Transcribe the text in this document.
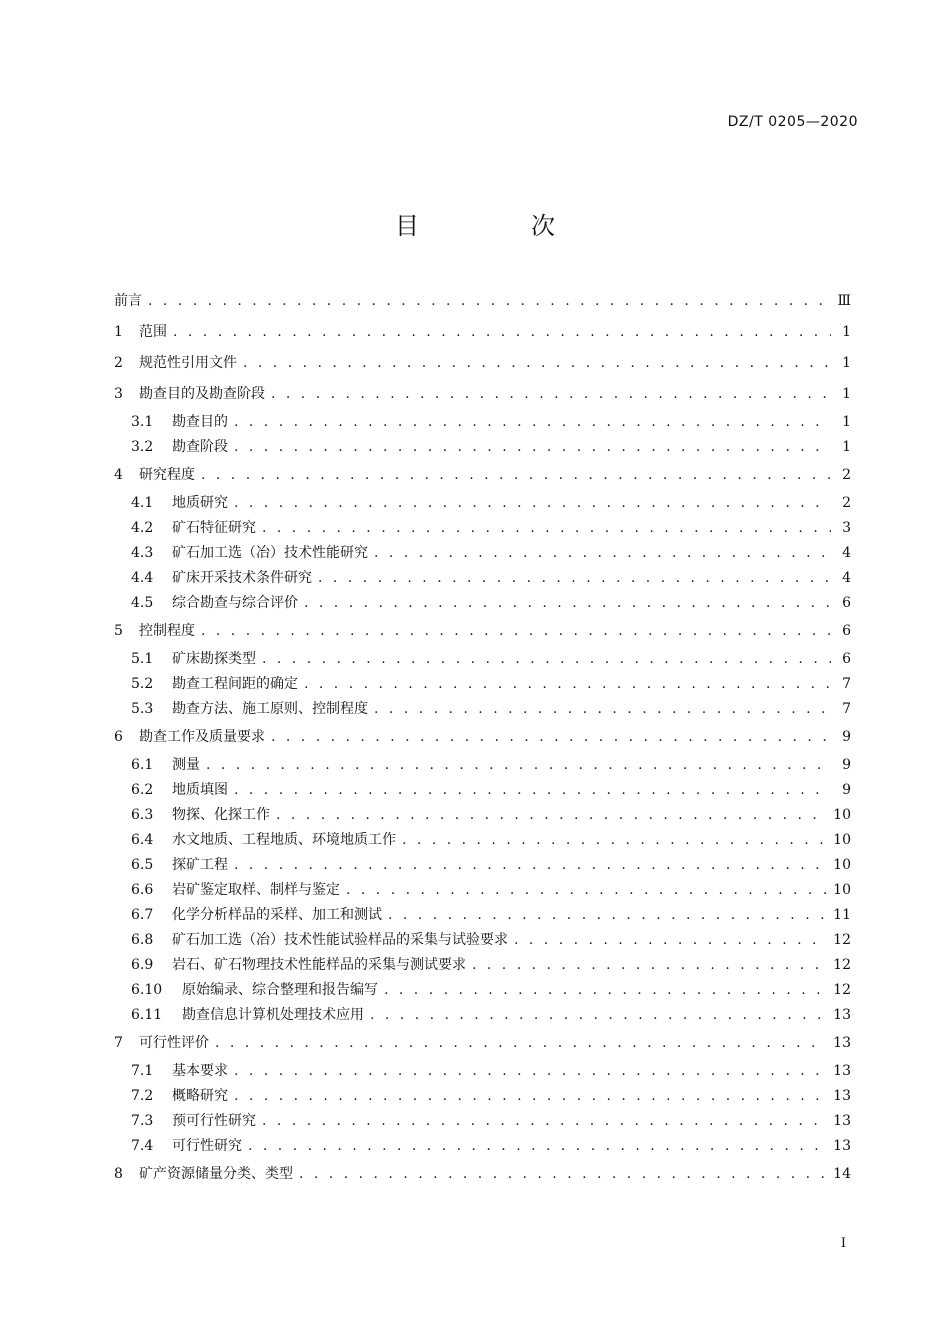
DZ/T 0205—2020
目　次
前言 . . .	Ⅲ
1	范围 . . .	1
2	规范性引用文件 . . .	1
3	勘查目的及勘查阶段 . . .	1
3.1	勘查目的 . . .	1
3.2	勘查阶段 . . .	1
4	研究程度 . . .	2
4.1	地质研究 . . .	2
4.2	矿石特征研究 . . .	3
4.3	矿石加工选（冶）技术性能研究 . . .	4
4.4	矿床开采技术条件研究 . . .	4
4.5	综合勘查与综合评价 . . .	6
5	控制程度 . . .	6
5.1	矿床勘探类型 . . .	6
5.2	勘查工程间距的确定 . . .	7
5.3	勘查方法、施工原则、控制程度 . . .	7
6	勘查工作及质量要求 . . .	9
6.1	测量 . . .	9
6.2	地质填图 . . .	9
6.3	物探、化探工作 . . .	10
6.4	水文地质、工程地质、环境地质工作 . . .	10
6.5	探矿工程 . . .	10
6.6	岩矿鉴定取样、制样与鉴定 . . .	10
6.7	化学分析样品的采样、加工和测试 . . .	11
6.8	矿石加工选（冶）技术性能试验样品的采集与试验要求 . . .	12
6.9	岩石、矿石物理技术性能样品的采集与测试要求 . . .	12
6.10	原始编录、综合整理和报告编写 . . .	12
6.11	勘查信息计算机处理技术应用 . . .	13
7	可行性评价 . . .	13
7.1	基本要求 . . .	13
7.2	概略研究 . . .	13
7.3	预可行性研究 . . .	13
7.4	可行性研究 . . .	13
8	矿产资源储量分类、类型 . . .	14
I
